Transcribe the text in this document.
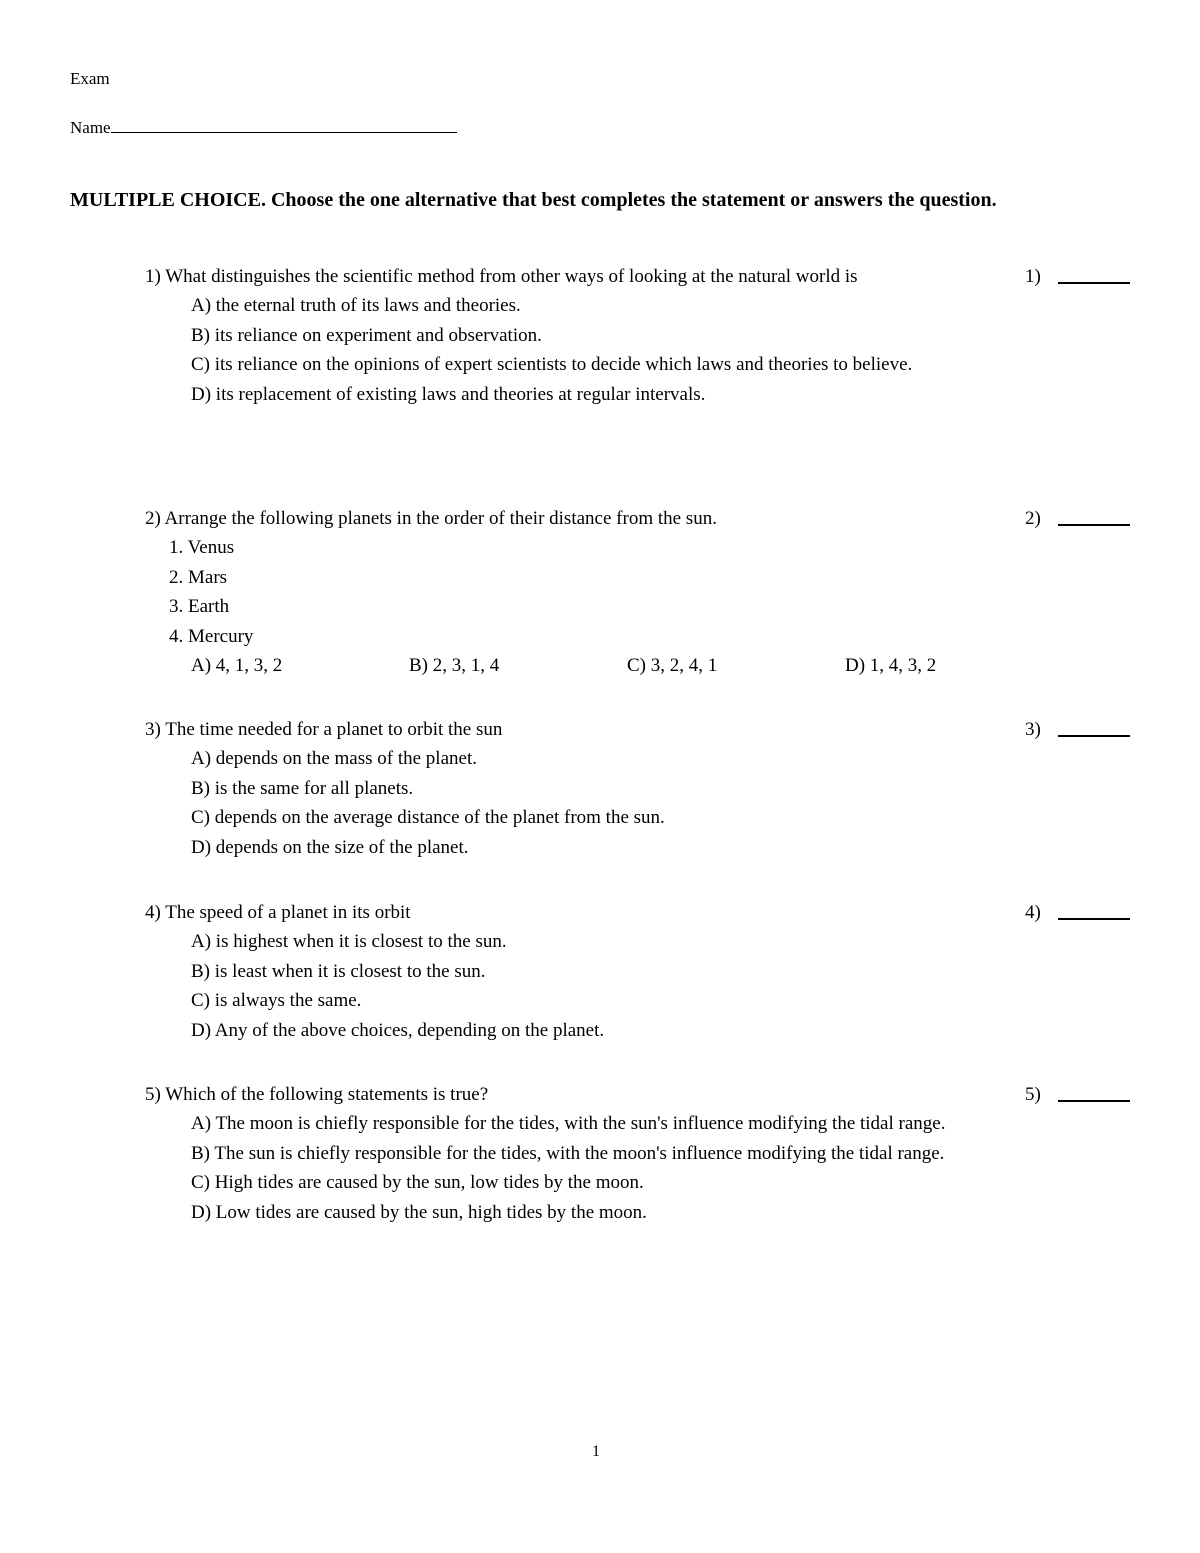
Exam
Name
MULTIPLE CHOICE. Choose the one alternative that best completes the statement or answers the question.
1) What distinguishes the scientific method from other ways of looking at the natural world is
A) the eternal truth of its laws and theories.
B) its reliance on experiment and observation.
C) its reliance on the opinions of expert scientists to decide which laws and theories to believe.
D) its replacement of existing laws and theories at regular intervals.
1)
2) Arrange the following planets in the order of their distance from the sun.
1. Venus
2. Mars
3. Earth
4. Mercury
A) 4, 1, 3, 2	B) 2, 3, 1, 4	C) 3, 2, 4, 1	D) 1, 4, 3, 2
2)
3) The time needed for a planet to orbit the sun
A) depends on the mass of the planet.
B) is the same for all planets.
C) depends on the average distance of the planet from the sun.
D) depends on the size of the planet.
3)
4) The speed of a planet in its orbit
A) is highest when it is closest to the sun.
B) is least when it is closest to the sun.
C) is always the same.
D) Any of the above choices, depending on the planet.
4)
5) Which of the following statements is true?
A) The moon is chiefly responsible for the tides, with the sun's influence modifying the tidal range.
B) The sun is chiefly responsible for the tides, with the moon's influence modifying the tidal range.
C) High tides are caused by the sun, low tides by the moon.
D) Low tides are caused by the sun, high tides by the moon.
5)
1
